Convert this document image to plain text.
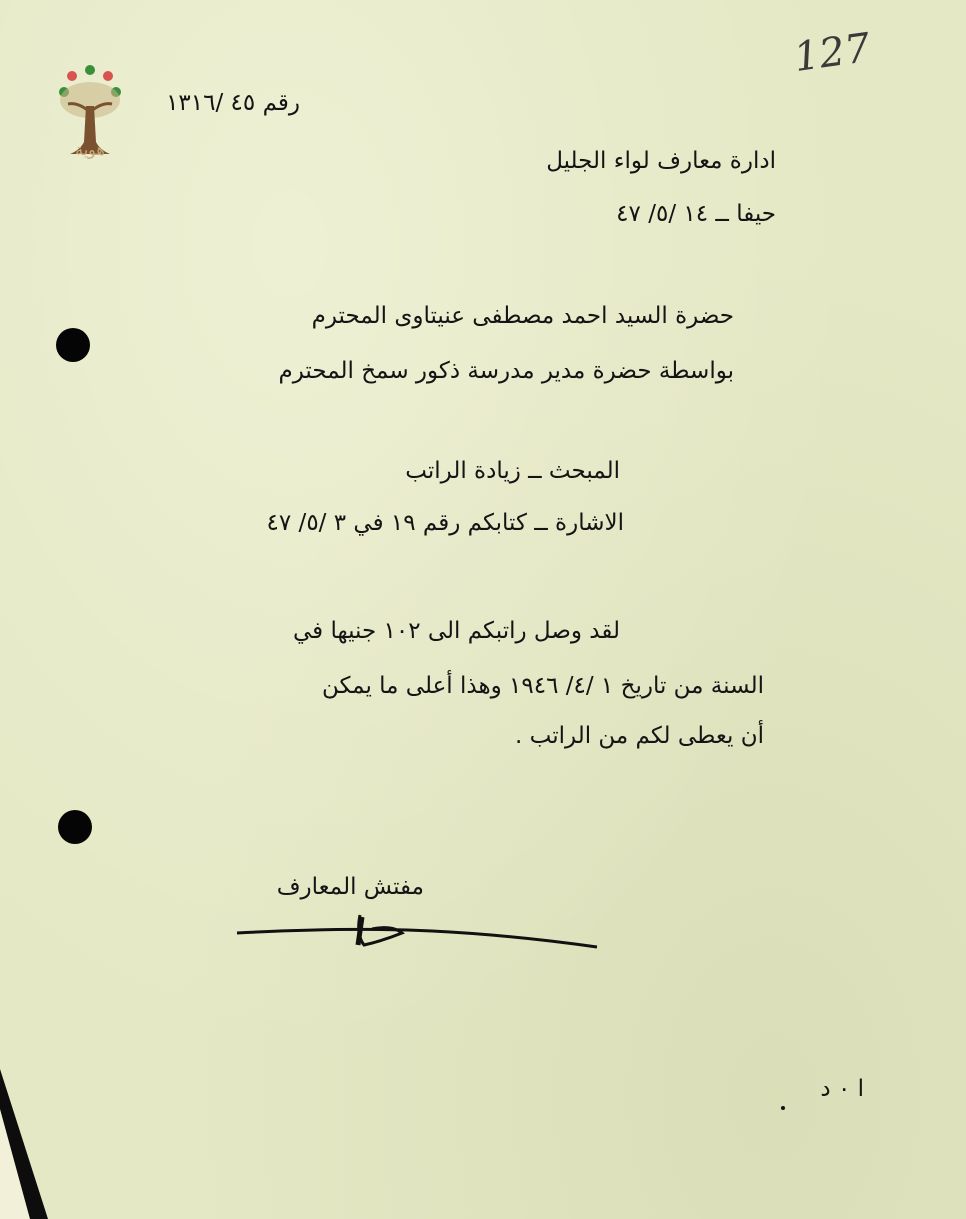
127
هوية
رقم ٤٥ /١٣١٦
ادارة معارف لواء الجليل
حيفا ــ ١٤ /٥/ ٤٧
حضرة السيد احمد مصطفى عنيتاوى المحترم
بواسطة حضرة مدير مدرسة ذكور سمخ المحترم
المبحث ــ زيادة الراتب
الاشارة ــ كتابكم رقم ١٩ في ٣ /٥/ ٤٧
لقد وصل راتبكم الى ١٠٢ جنيها في
السنة من تاريخ ١ /٤/ ١٩٤٦ وهذا أعلى ما يمكن
أن يعطى لكم من الراتب .
مفتش المعارف
ا ٠ د
